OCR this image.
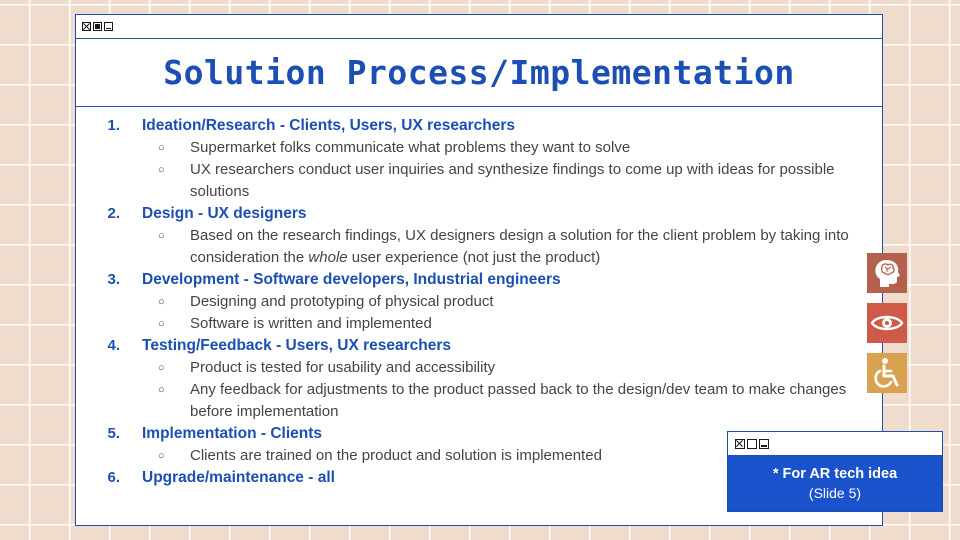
Solution Process/Implementation
1. Ideation/Research - Clients, Users, UX researchers
○ Supermarket folks communicate what problems they want to solve
○ UX researchers conduct user inquiries and synthesize findings to come up with ideas for possible solutions
2. Design - UX designers
○ Based on the research findings, UX designers design a solution for the client problem by taking into consideration the whole user experience (not just the product)
3. Development - Software developers, Industrial engineers
○ Designing and prototyping of physical product
○ Software is written and implemented
4. Testing/Feedback - Users, UX researchers
○ Product is tested for usability and accessibility
○ Any feedback for adjustments to the product passed back to the design/dev team to make changes before implementation
5. Implementation - Clients
○ Clients are trained on the product and solution is implemented
6. Upgrade/maintenance - all	* For AR tech idea
(Slide 5)
